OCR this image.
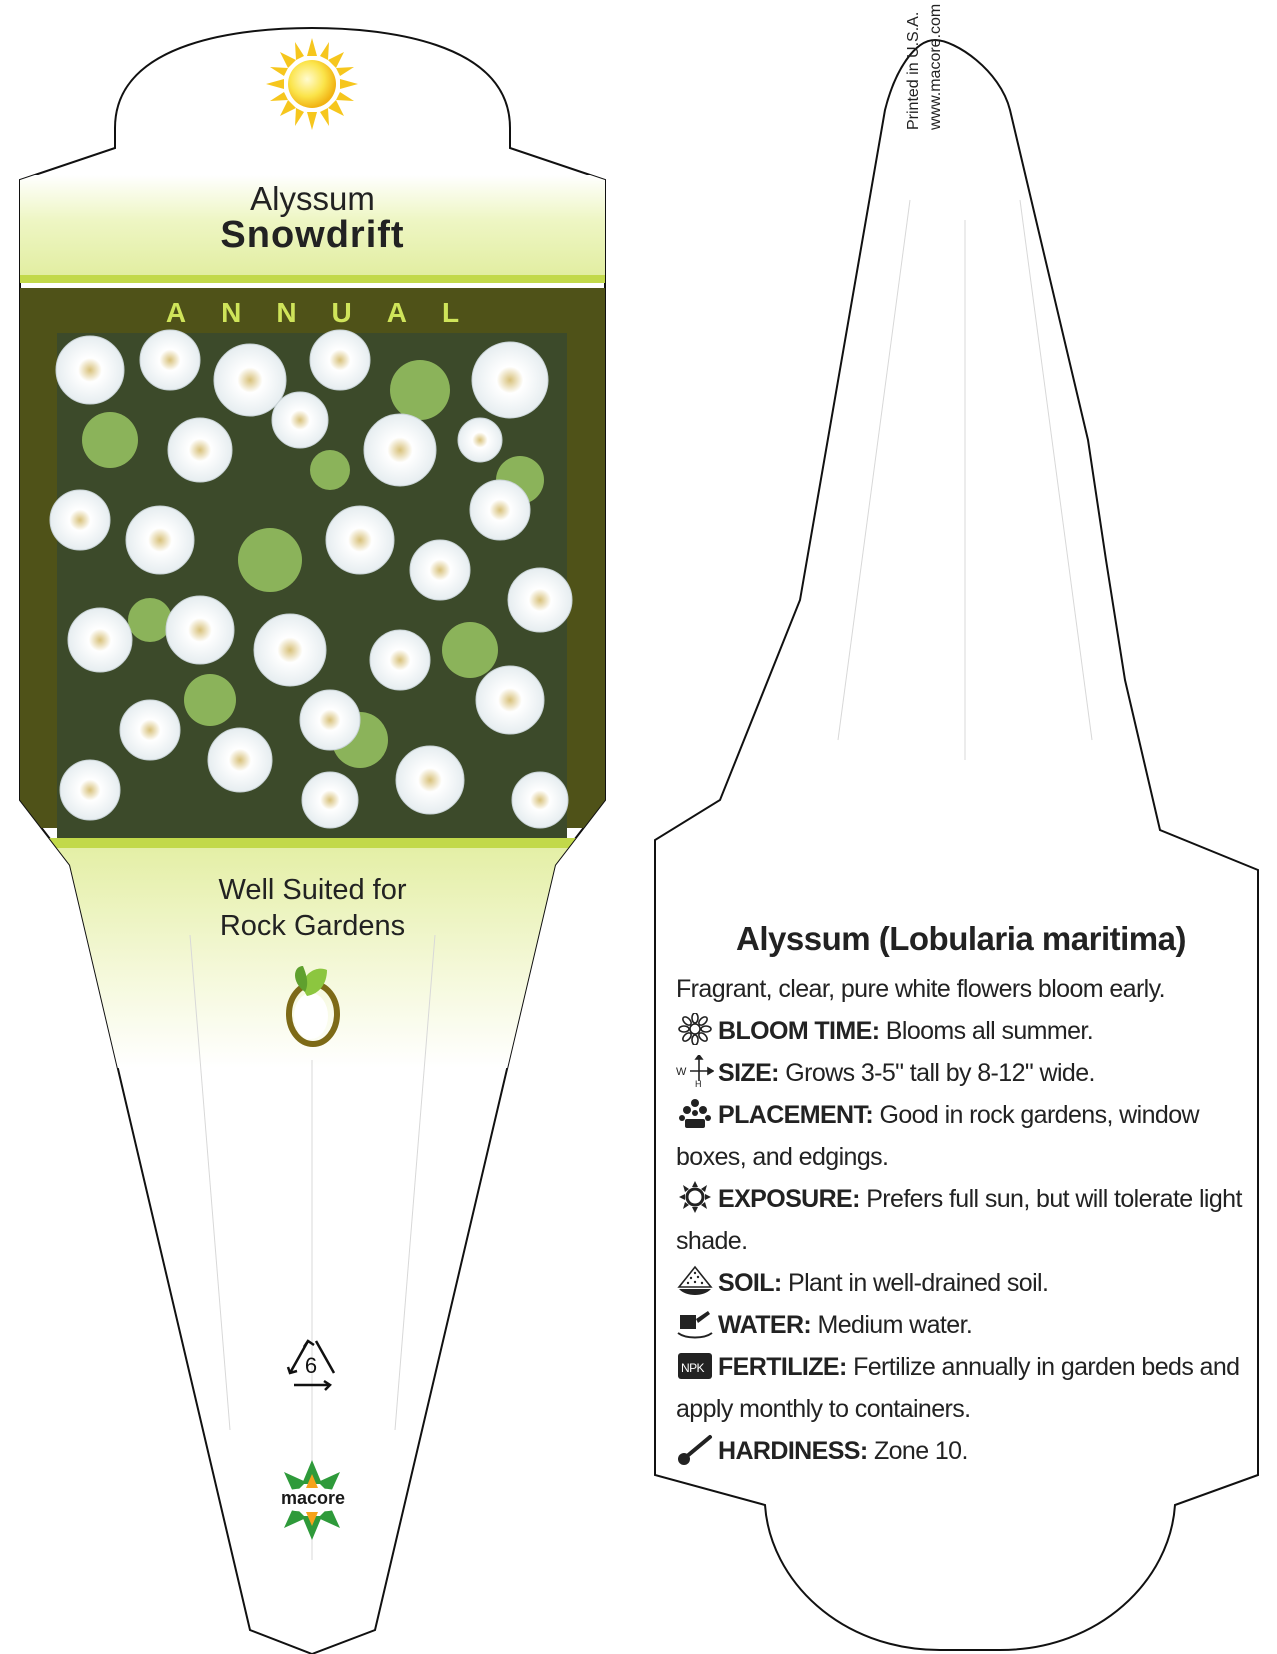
Alyssum
Snowdrift
ANNUAL
Well Suited for
Rock Gardens
6
macore
Printed in U.S.A. www.macore.com
Alyssum (Lobularia maritima)
Fragrant, clear, pure white flowers bloom early.
BLOOM TIME: Blooms all summer.
W
H SIZE: Grows 3-5" tall by 8-12" wide.
PLACEMENT: Good in rock gardens, window boxes, and edgings.
EXPOSURE: Prefers full sun, but will tolerate light shade.
SOIL: Plant in well-drained soil.
WATER: Medium water.
NPK FERTILIZE: Fertilize annually in garden beds and apply monthly to containers.
HARDINESS: Zone 10.
